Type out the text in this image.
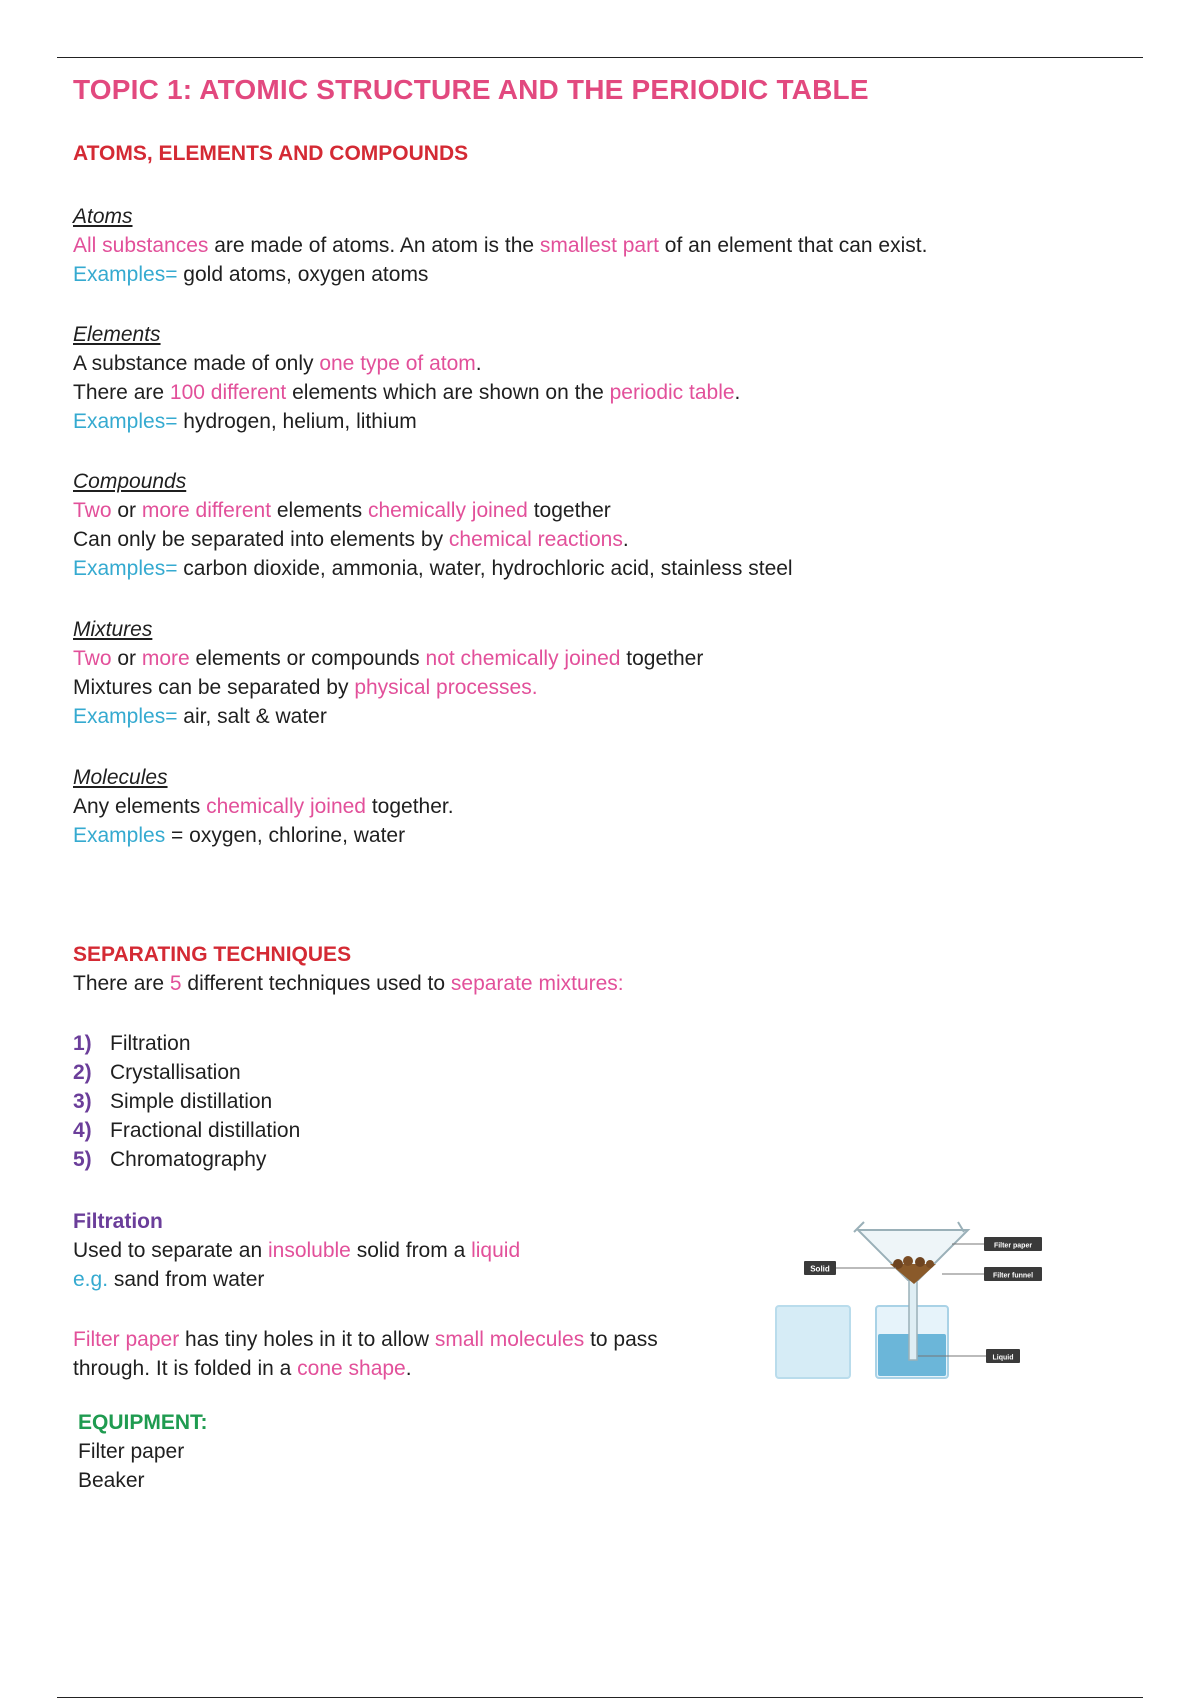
TOPIC 1: ATOMIC STRUCTURE AND THE PERIODIC TABLE
ATOMS, ELEMENTS AND COMPOUNDS
Atoms
All substances are made of atoms. An atom is the smallest part of an element that can exist.
Examples= gold atoms, oxygen atoms
Elements
A substance made of only one type of atom.
There are 100 different elements which are shown on the periodic table.
Examples= hydrogen, helium, lithium
Compounds
Two or more different elements chemically joined together
Can only be separated into elements by chemical reactions.
Examples= carbon dioxide, ammonia, water, hydrochloric acid, stainless steel
Mixtures
Two or more elements or compounds not chemically joined together
Mixtures can be separated by physical processes.
Examples= air, salt & water
Molecules
Any elements chemically joined together.
Examples = oxygen, chlorine, water
SEPARATING TECHNIQUES
There are 5 different techniques used to separate mixtures:
1) Filtration
2) Crystallisation
3) Simple distillation
4) Fractional distillation
5) Chromatography
Filtration
Used to separate an insoluble solid from a liquid
e.g. sand from water
Filter paper has tiny holes in it to allow small molecules to pass
through. It is folded in a cone shape.
EQUIPMENT:
Filter paper
Beaker
Solid
Filter paper
Filter funnel
Liquid
